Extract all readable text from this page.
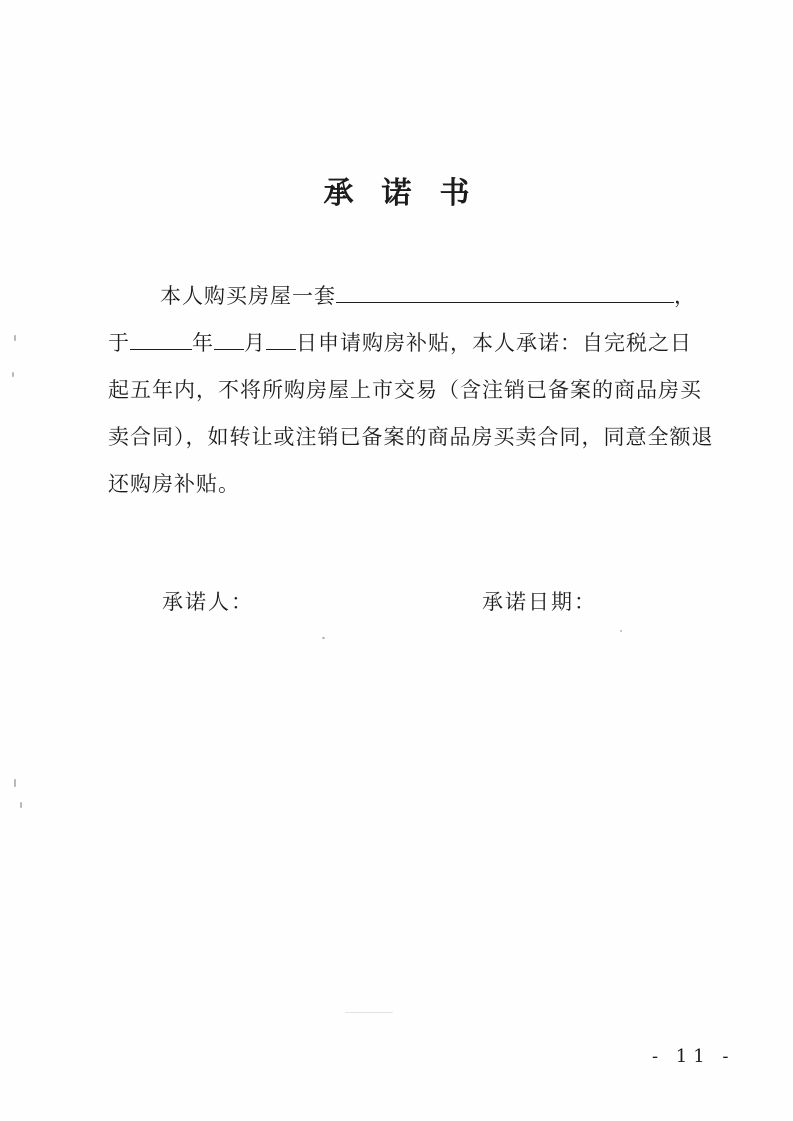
承诺书
本人购买房屋一套	，
于	年 月 日申请购房补贴，本人承诺：自完税之日
起五年内，不将所购房屋上市交易（含注销已备案的商品房买
卖合同），如转让或注销已备案的商品房买卖合同，同意全额退
还购房补贴。
承诺人：	承诺日期：
- 11 -
